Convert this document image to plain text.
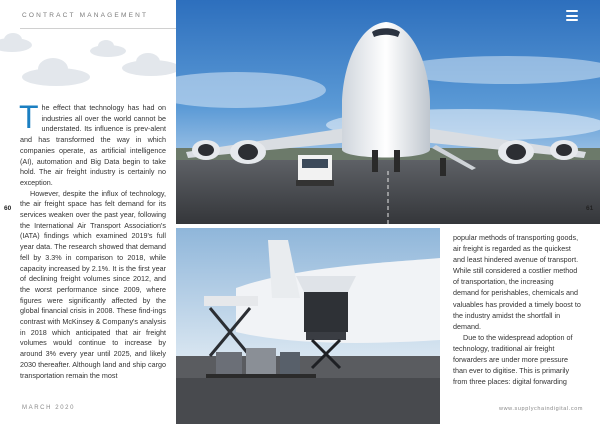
CONTRACT MANAGEMENT

The effect that technology has had on industries all over the world cannot be understated. Its influence is prev-alent and has transformed the way in which companies operate, as artificial intelligence (AI), automation and Big Data begin to take hold. The air freight industry is certainly no exception.

However, despite the influx of technology, the air freight space has felt demand for its services weaken over the past year, following the International Air Transport Association's (IATA) findings which examined 2019's full year data. The research showed that demand fell by 3.3% in comparison to 2018, while capacity increased by 2.1%. It is the first year of declining freight volumes since 2012, and the worst performance since 2009, where figures were significantly affected by the global financial crisis in 2008. These find-ings contrast with McKinsey & Company's analysis in 2018 which anticipated that air freight volumes would continue to increase by around 3% every year until 2025, and likely 2030 thereafter. Although land and ship cargo transportation remain the most

popular methods of transporting goods, air freight is regarded as the quickest and least hindered avenue of transport. While still considered a costlier method of transportation, the increasing demand for perishables, chemicals and valuables has provided a timely boost to the industry amidst the shortfall in demand.

Due to the widespread adoption of technology, traditional air freight forwarders are under more pressure than ever to digitise. This is primarily from three places: digital forwarding

60	61
MARCH 2020	www.supplychaindigital.com
